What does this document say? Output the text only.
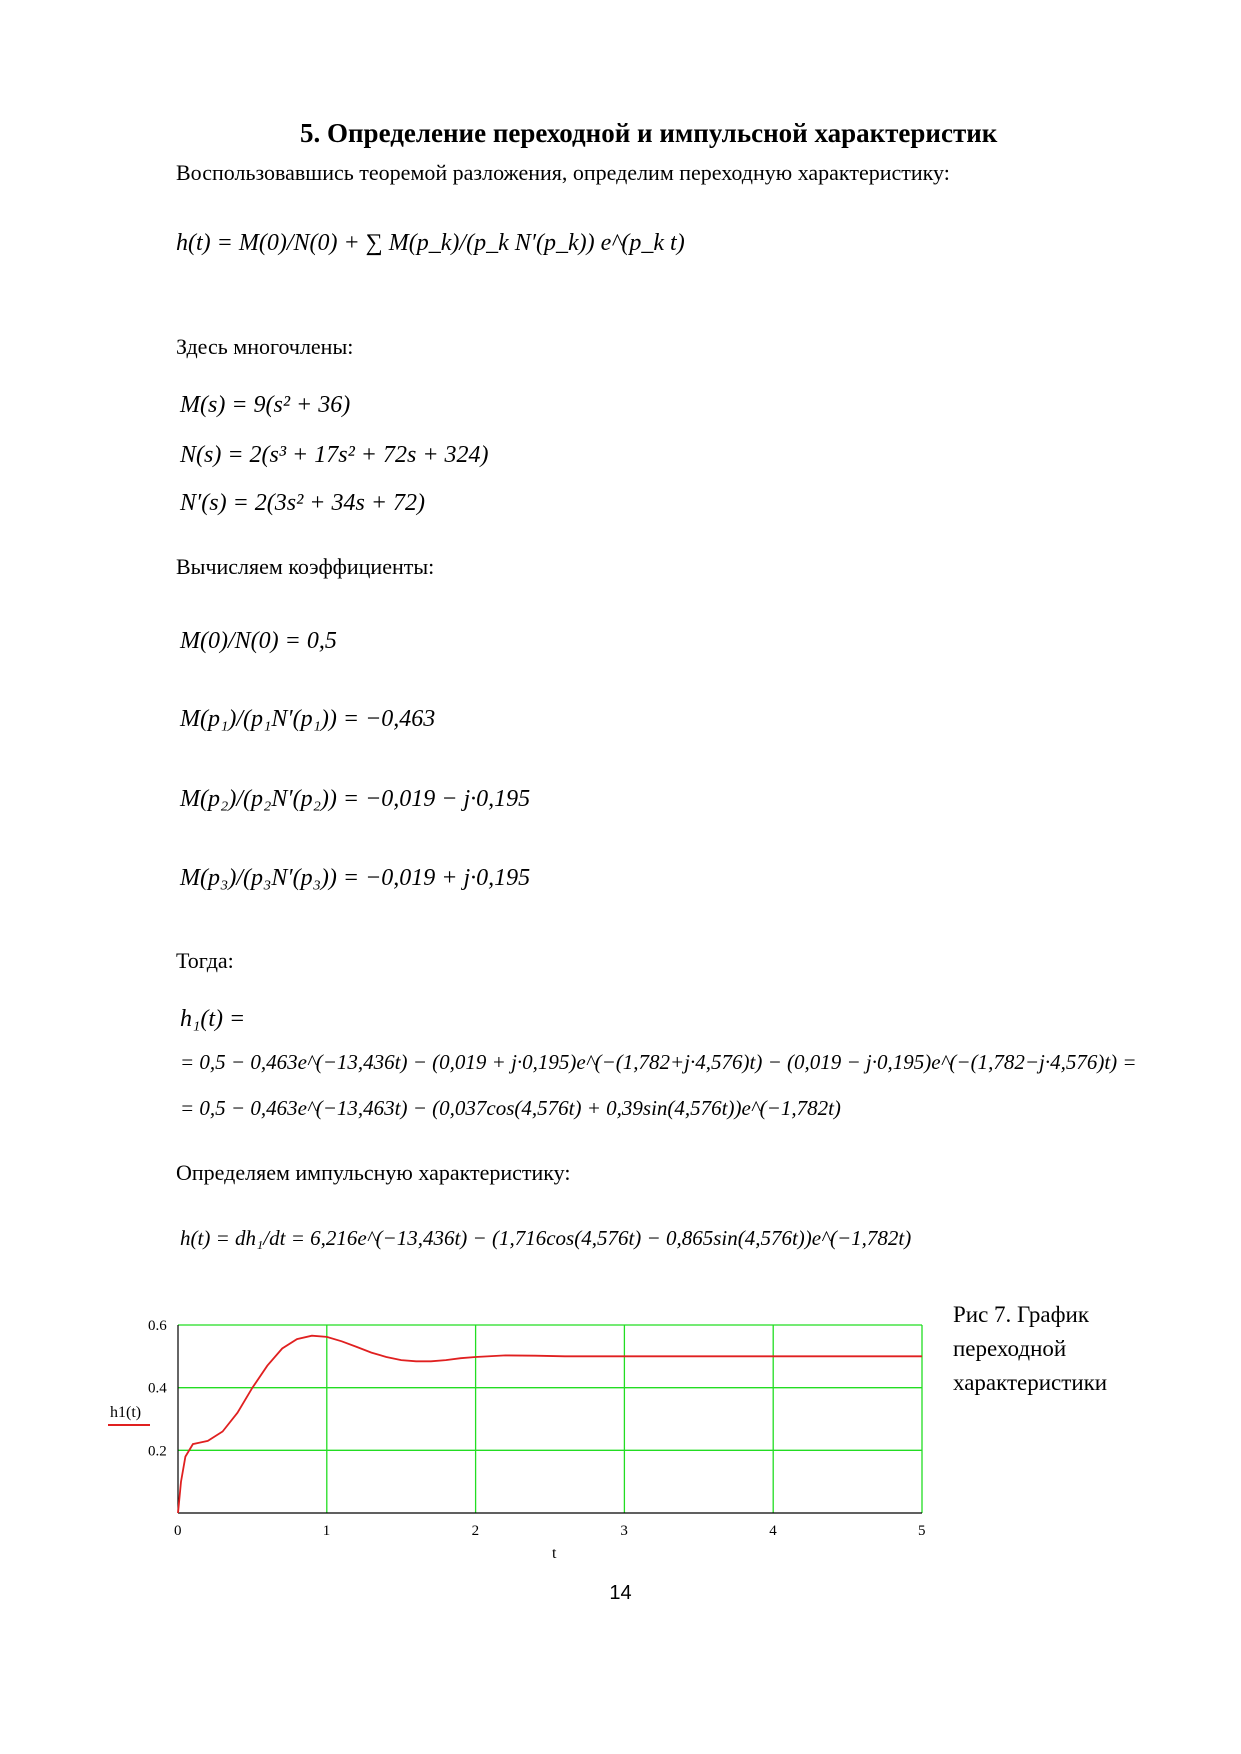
5. Определение переходной и импульсной характеристик
Воспользовавшись теоремой разложения, определим переходную характеристику:
h(t) = M(0)/N(0) + ∑ M(p_k)/(p_k N′(p_k)) e^(p_k t)
Здесь многочлены:
M(s) = 9(s² + 36)
N(s) = 2(s³ + 17s² + 72s + 324)
N′(s) = 2(3s² + 34s + 72)
Вычисляем коэффициенты:
M(0)/N(0) = 0,5
M(p₁)/(p₁N′(p₁)) = −0,463
M(p₂)/(p₂N′(p₂)) = −0,019 − j·0,195
M(p₃)/(p₃N′(p₃)) = −0,019 + j·0,195
Тогда:
h₁(t) =
= 0,5 − 0,463e^(−13,436t) − (0,019 + j·0,195)e^(−(1,782+j·4,576)t) − (0,019 − j·0,195)e^(−(1,782−j·4,576)t) =
= 0,5 − 0,463e^(−13,463t) − (0,037cos(4,576t) + 0,39sin(4,576t))e^(−1,782t)
Определяем импульсную характеристику:
h(t) = dh₁/dt = 6,216e^(−13,436t) − (1,716cos(4,576t) − 0,865sin(4,576t))e^(−1,782t)
0	1	2	3	4	5
0.2
0.4
0.6
h1(t)
t
Рис 7. График переходной характеристики
14
